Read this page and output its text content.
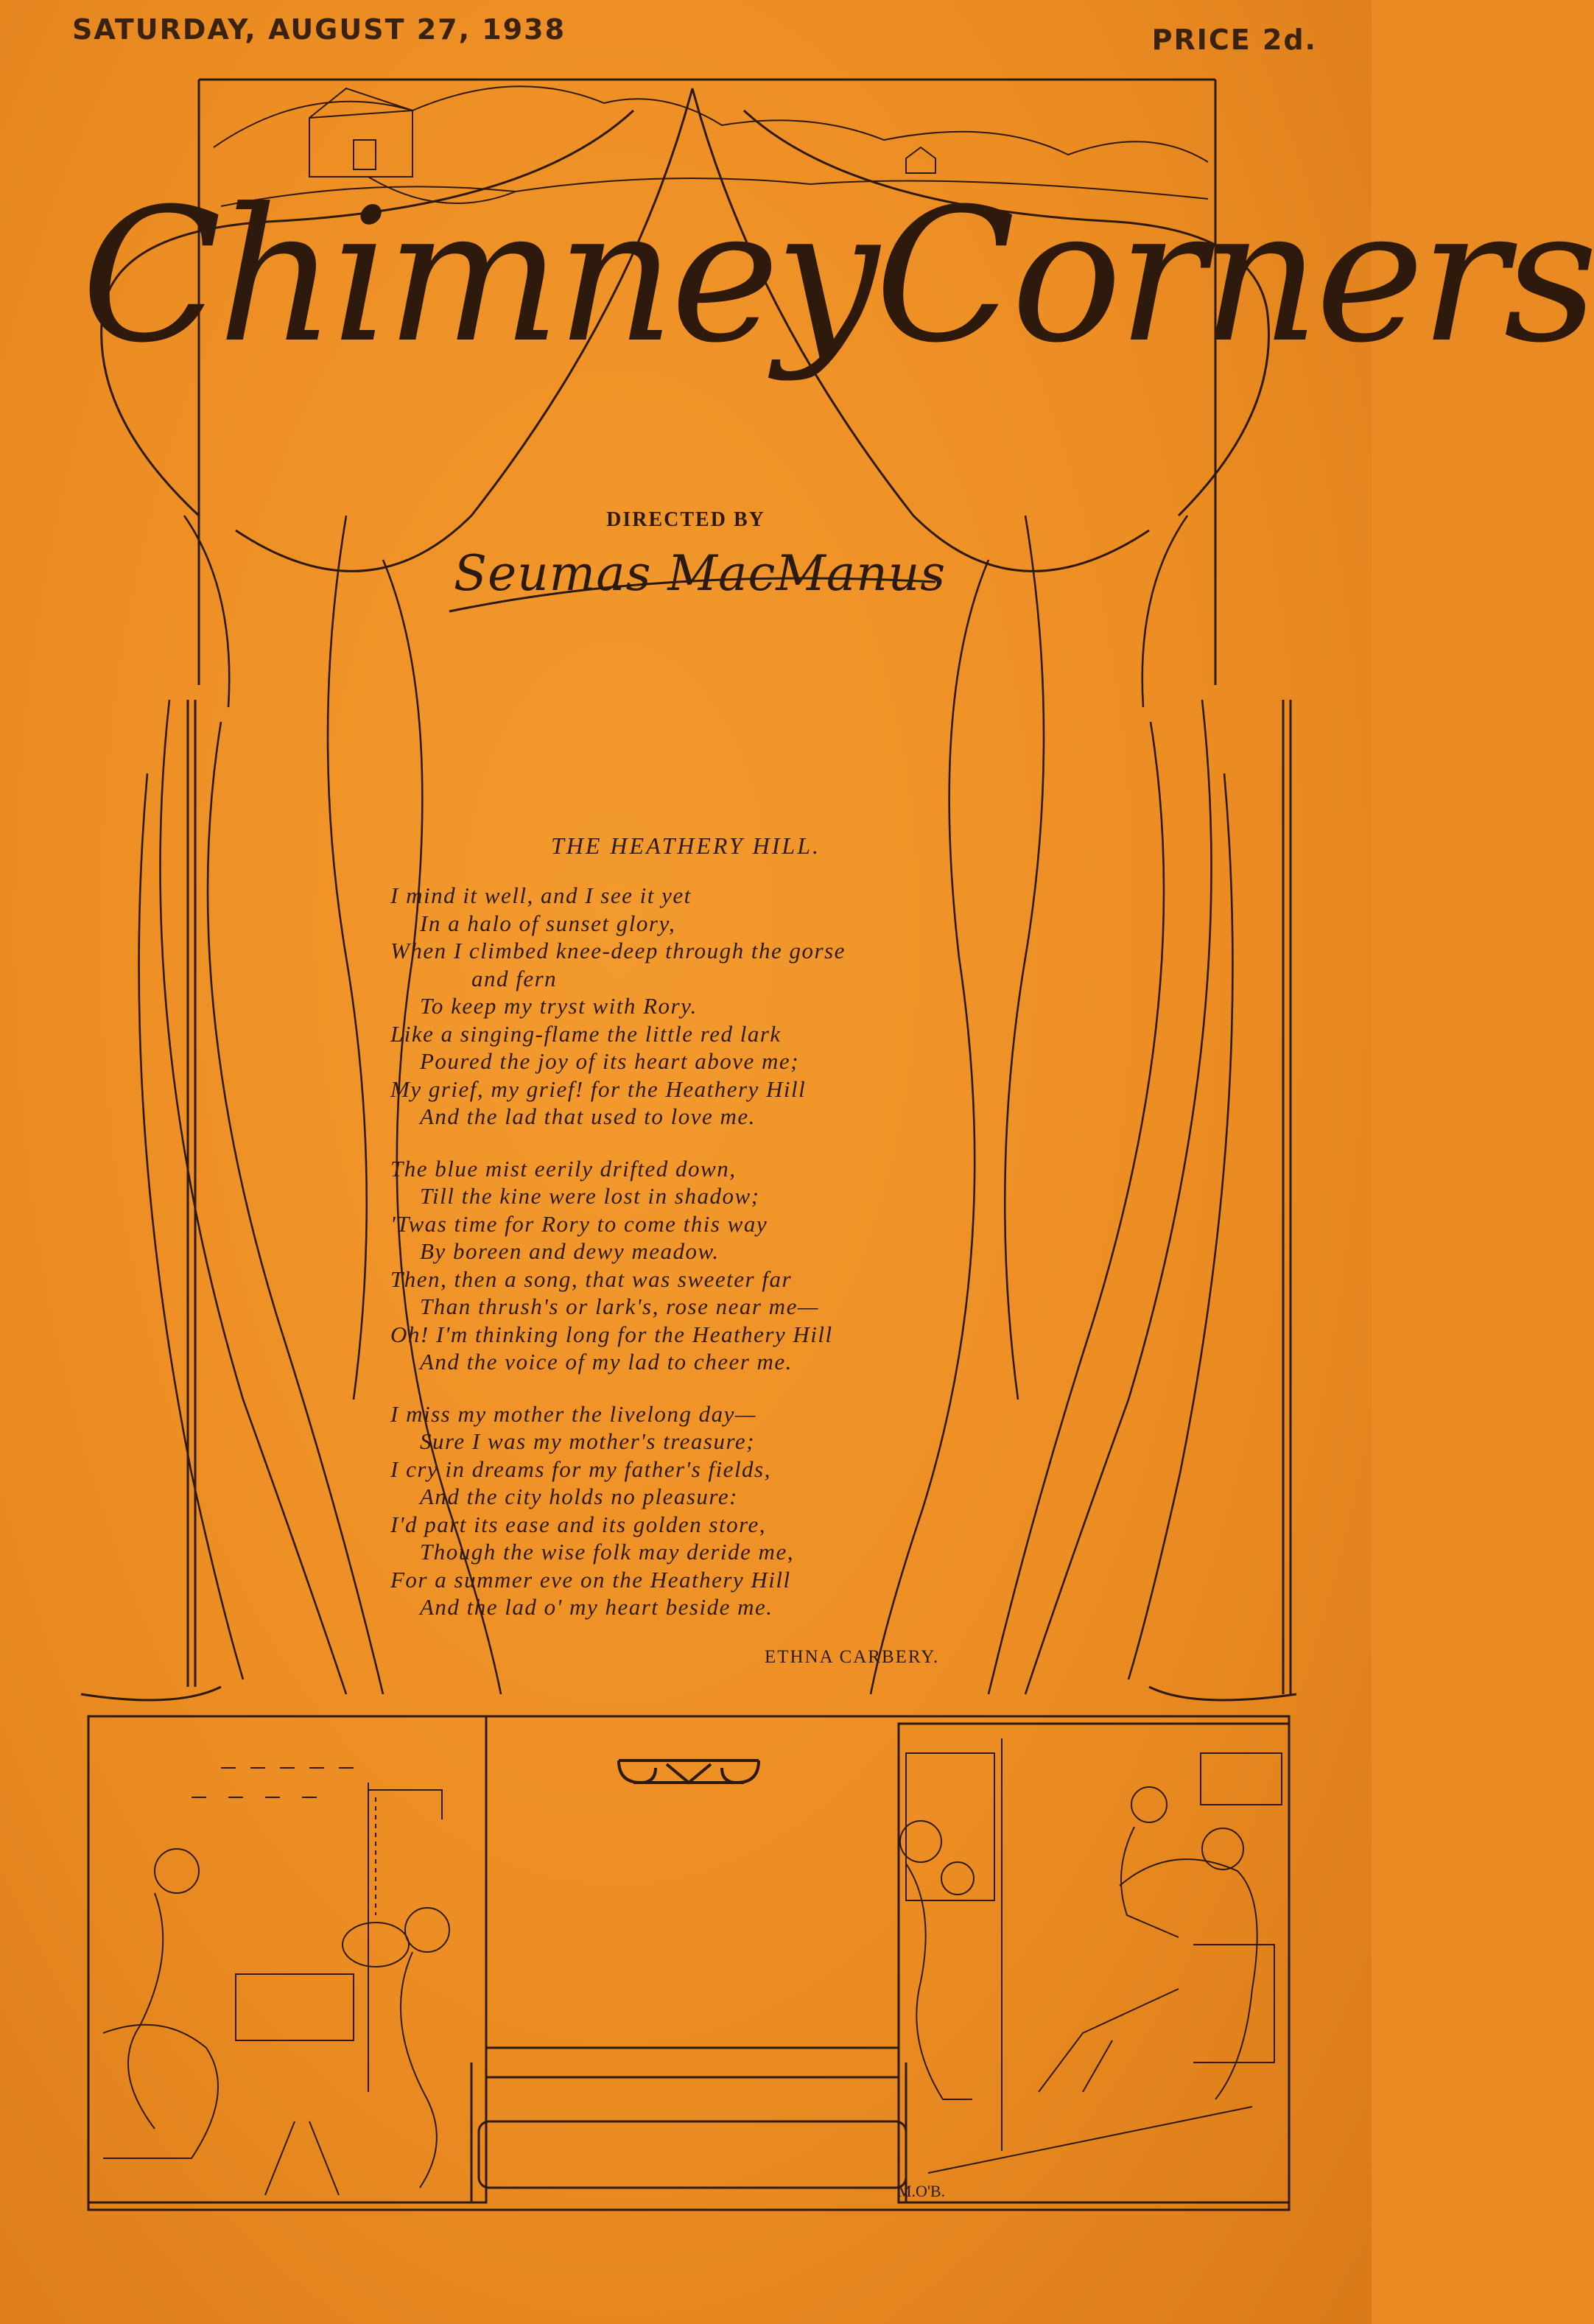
SATURDAY, AUGUST 27, 1938	PRICE 2d.
ChimneyCorners
DIRECTED BY
Seumas MacManus
THE HEATHERY HILL.
I mind it well, and I see it yet
In a halo of sunset glory,
When I climbed knee-deep through the gorse
and fern
To keep my tryst with Rory.
Like a singing-flame the little red lark
Poured the joy of its heart above me;
My grief, my grief! for the Heathery Hill
And the lad that used to love me.
The blue mist eerily drifted down,
Till the kine were lost in shadow;
'Twas time for Rory to come this way
By boreen and dewy meadow.
Then, then a song, that was sweeter far
Than thrush's or lark's, rose near me—
Oh! I'm thinking long for the Heathery Hill
And the voice of my lad to cheer me.
I miss my mother the livelong day—
Sure I was my mother's treasure;
I cry in dreams for my father's fields,
And the city holds no pleasure:
I'd part its ease and its golden store,
Though the wise folk may deride me,
For a summer eve on the Heathery Hill
And the lad o' my heart beside me.
ETHNA CARBERY.
M.O'B.
